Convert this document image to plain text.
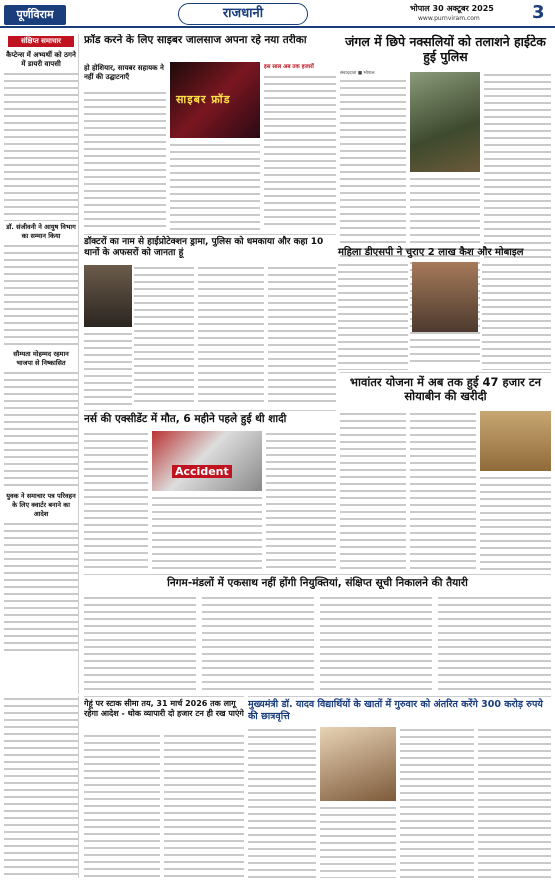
पूर्णविराम	राजधानी	भोपाल 30 अक्टूबर 2025
www.purnviram.com	3
संक्षिप्त समाचार
कैप्टेन्स में अभ्यर्थी को ठगने में डायरी वापसी
डॉ. संजीवनी ने आयुष विभाग का सम्मान किया
सौम्यता मोहम्मद रहमान भाजपा से निष्कासित
युवक ने समाचार पत्र परिवहन के लिए क्वार्टर बनाने का आदेश
फ्रॉड करने के लिए साइबर जालसाज अपना रहे नया तरीका
हो होशियार, सायबर सहायक ने नहीं की उद्घाटनाएँ
साइबर फ्रॉड
इस साल अब तक हजारों
जंगल में छिपे नक्सलियों को तलाशने हाईटेक हुई पुलिस
संवाददाता ■ भोपाल
डॉक्टरों का नाम से हाईप्रोटेक्शन ड्रामा, पुलिस को धमकाया और कहा 10 थानों के अफसरों को जानता हूं	महिला डीएसपी ने चुराए 2 लाख कैश और मोबाइल
नर्स की एक्सीडेंट में मौत, 6 महीने पहले हुई थी शादी
Accident
भावांतर योजना में अब तक हुई 47 हजार टन सोयाबीन की खरीदी
निगम-मंडलों में एकसाथ नहीं होंगी नियुक्तियां, संक्षिप्त सूची निकालने की तैयारी
गेहूं पर स्टाक सीमा तय, 31 मार्च 2026 तक लागू रहेगा आदेश - थोक व्यापारी दो हजार टन ही रख पाएंगे
मुख्यमंत्री डॉ. यादव विद्यार्थियों के खातों में गुरुवार को अंतरित करेंगे 300 करोड़ रुपये की छात्रवृत्ति
